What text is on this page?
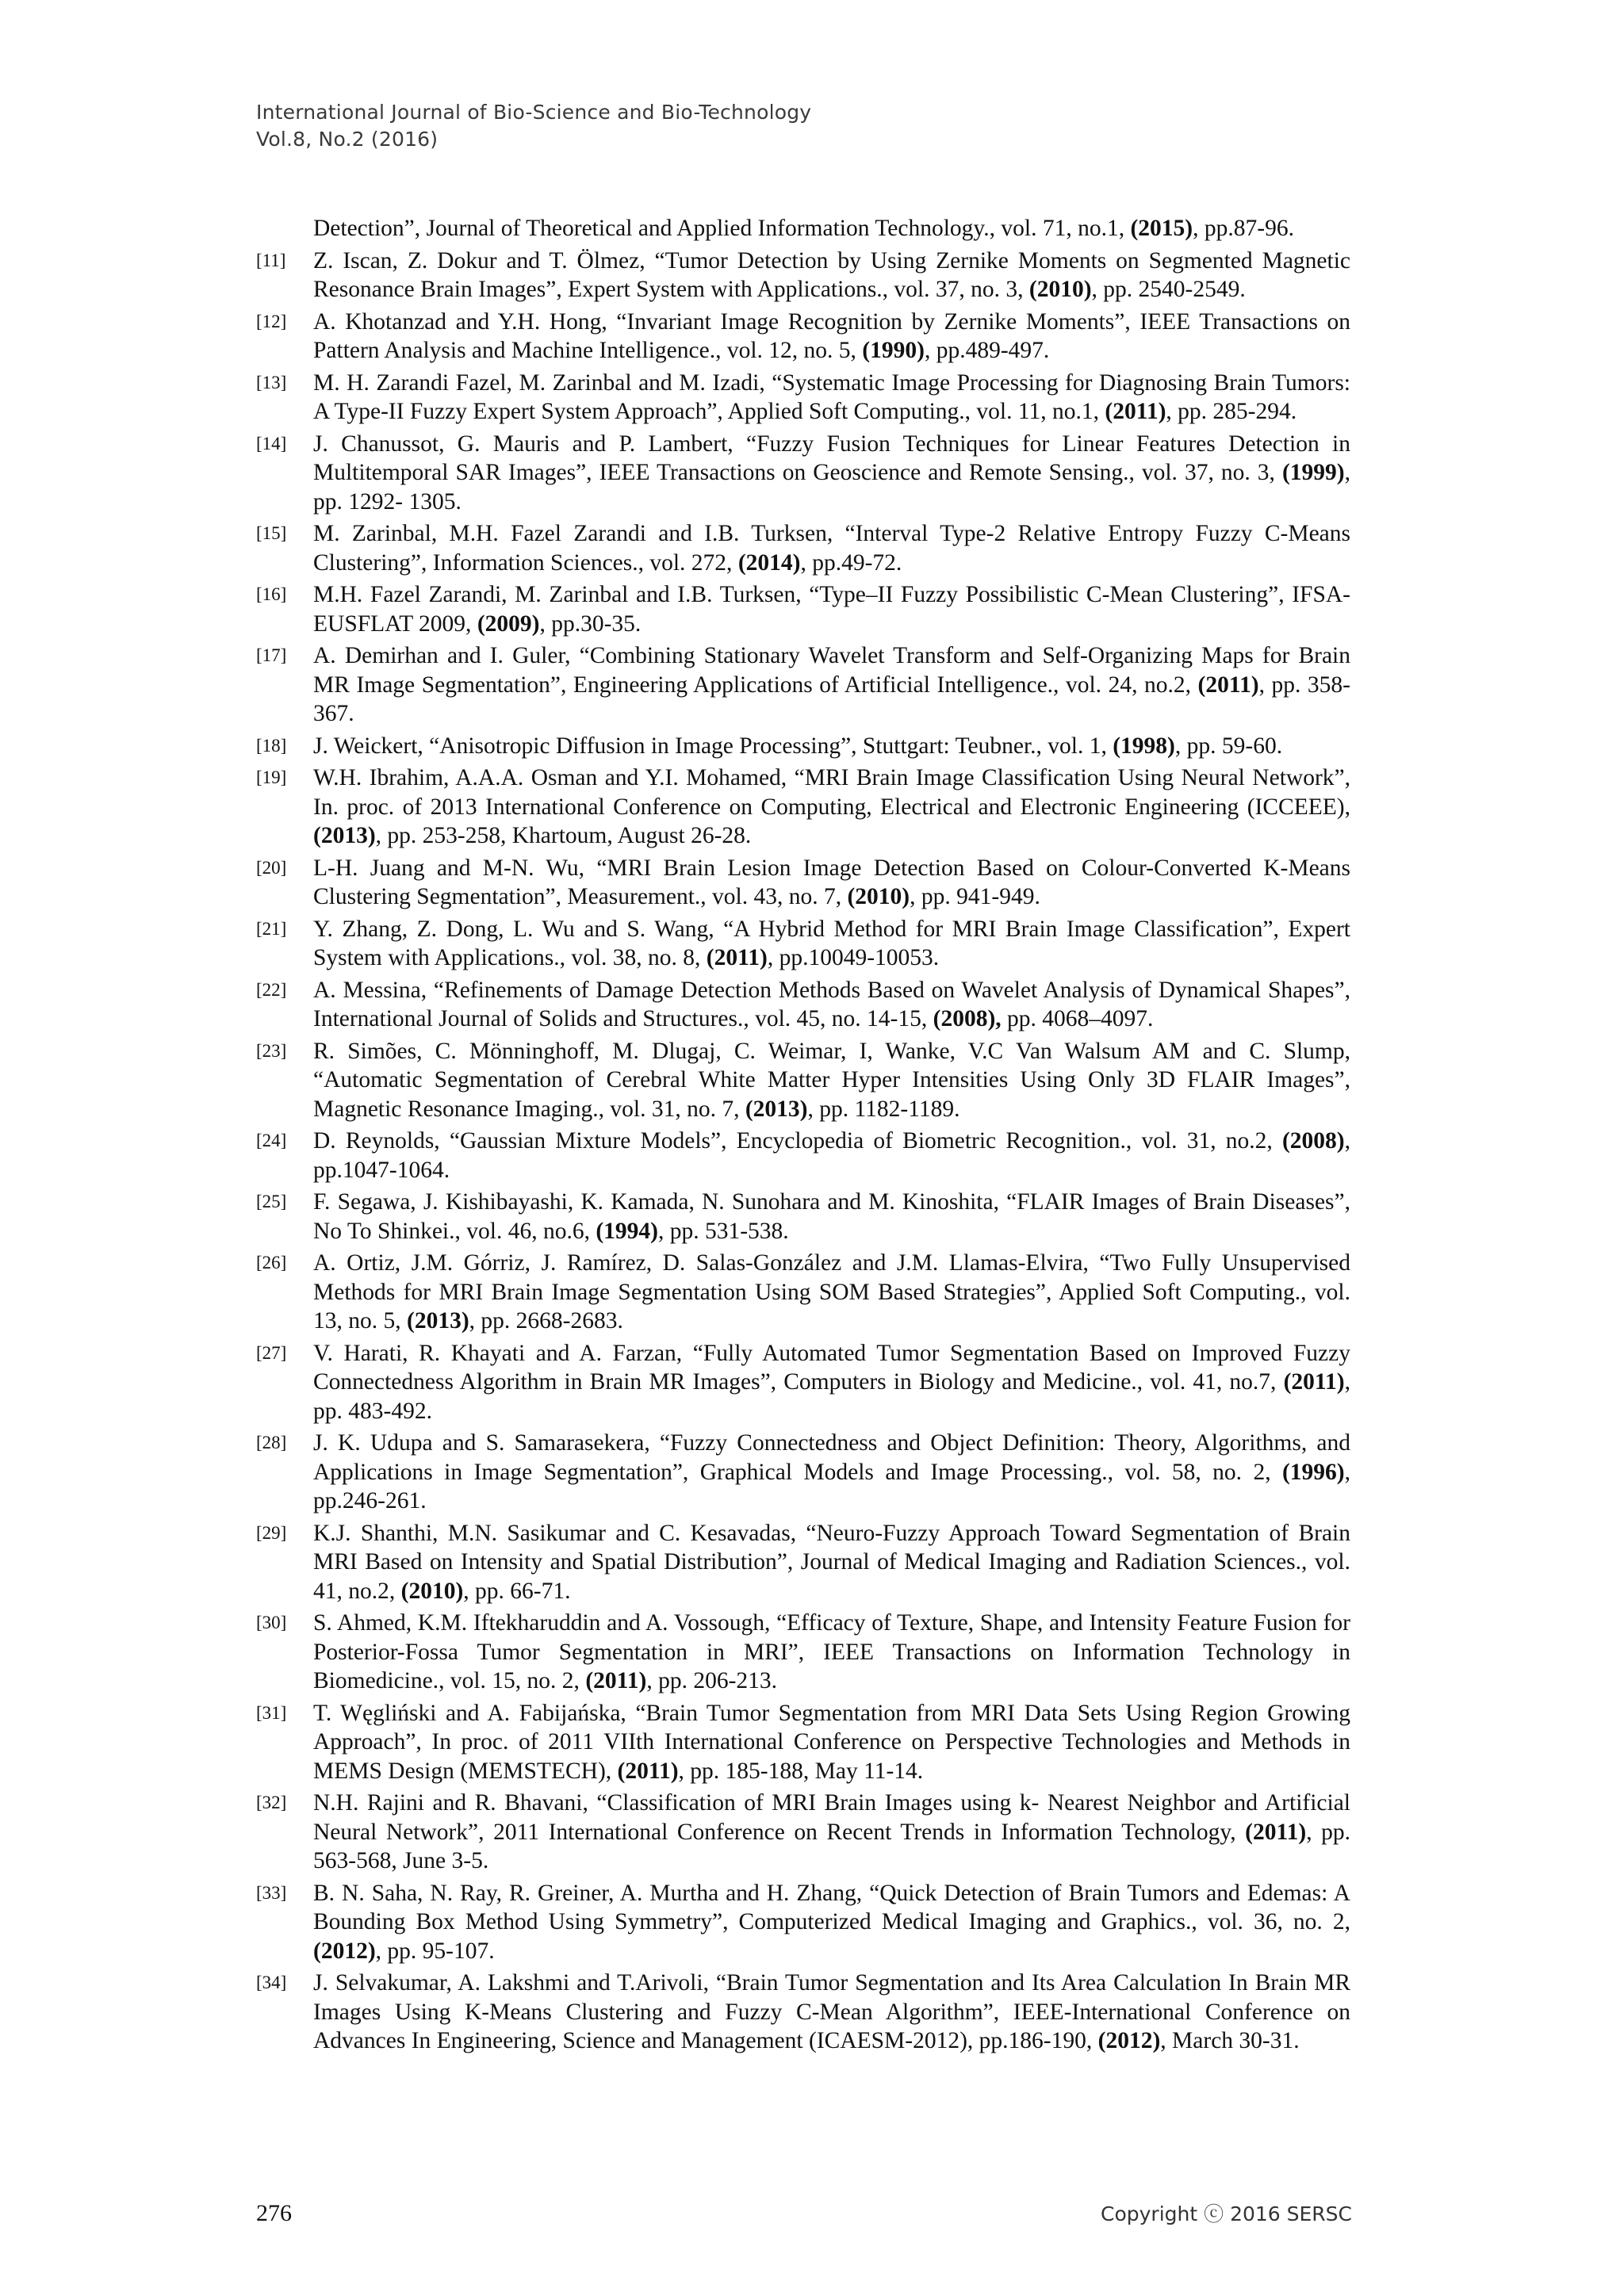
International Journal of Bio-Science and Bio-Technology
Vol.8, No.2 (2016)
Detection”, Journal of Theoretical and Applied Information Technology., vol. 71, no.1, (2015), pp.87-96.
[11]	Z. Iscan, Z. Dokur and T. Ölmez, “Tumor Detection by Using Zernike Moments on Segmented Magnetic Resonance Brain Images”, Expert System with Applications., vol. 37, no. 3, (2010), pp. 2540-2549.
[12]	A. Khotanzad and Y.H. Hong, “Invariant Image Recognition by Zernike Moments”, IEEE Transactions on Pattern Analysis and Machine Intelligence., vol. 12, no. 5, (1990), pp.489-497.
[13]	M. H. Zarandi Fazel, M. Zarinbal and M. Izadi, “Systematic Image Processing for Diagnosing Brain Tumors: A Type-II Fuzzy Expert System Approach”, Applied Soft Computing., vol. 11, no.1, (2011), pp. 285-294.
[14]	J. Chanussot, G. Mauris and P. Lambert, “Fuzzy Fusion Techniques for Linear Features Detection in Multitemporal SAR Images”, IEEE Transactions on Geoscience and Remote Sensing., vol. 37, no. 3, (1999), pp. 1292- 1305.
[15]	M. Zarinbal, M.H. Fazel Zarandi and I.B. Turksen, “Interval Type-2 Relative Entropy Fuzzy C-Means Clustering”, Information Sciences., vol. 272, (2014), pp.49-72.
[16]	M.H. Fazel Zarandi, M. Zarinbal and I.B. Turksen, “Type–II Fuzzy Possibilistic C-Mean Clustering”, IFSA-EUSFLAT 2009, (2009), pp.30-35.
[17]	A. Demirhan and I. Guler, “Combining Stationary Wavelet Transform and Self-Organizing Maps for Brain MR Image Segmentation”, Engineering Applications of Artificial Intelligence., vol. 24, no.2, (2011), pp. 358-367.
[18]	J. Weickert, “Anisotropic Diffusion in Image Processing”, Stuttgart: Teubner., vol. 1, (1998), pp. 59-60.
[19]	W.H. Ibrahim, A.A.A. Osman and Y.I. Mohamed, “MRI Brain Image Classification Using Neural Network”, In. proc. of 2013 International Conference on Computing, Electrical and Electronic Engineering (ICCEEE), (2013), pp. 253-258, Khartoum, August 26-28.
[20]	L-H. Juang and M-N. Wu, “MRI Brain Lesion Image Detection Based on Colour-Converted K-Means Clustering Segmentation”, Measurement., vol. 43, no. 7, (2010), pp. 941-949.
[21]	Y. Zhang, Z. Dong, L. Wu and S. Wang, “A Hybrid Method for MRI Brain Image Classification”, Expert System with Applications., vol. 38, no. 8, (2011), pp.10049-10053.
[22]	A. Messina, “Refinements of Damage Detection Methods Based on Wavelet Analysis of Dynamical Shapes”, International Journal of Solids and Structures., vol. 45, no. 14-15, (2008), pp. 4068–4097.
[23]	R. Simões, C. Mönninghoff, M. Dlugaj, C. Weimar, I, Wanke, V.C Van Walsum AM and C. Slump, “Automatic Segmentation of Cerebral White Matter Hyper Intensities Using Only 3D FLAIR Images”, Magnetic Resonance Imaging., vol. 31, no. 7, (2013), pp. 1182-1189.
[24]	D. Reynolds, “Gaussian Mixture Models”, Encyclopedia of Biometric Recognition., vol. 31, no.2, (2008), pp.1047-1064.
[25]	F. Segawa, J. Kishibayashi, K. Kamada, N. Sunohara and M. Kinoshita, “FLAIR Images of Brain Diseases”, No To Shinkei., vol. 46, no.6, (1994), pp. 531-538.
[26]	A. Ortiz, J.M. Górriz, J. Ramírez, D. Salas-González and J.M. Llamas-Elvira, “Two Fully Unsupervised Methods for MRI Brain Image Segmentation Using SOM Based Strategies”, Applied Soft Computing., vol. 13, no. 5, (2013), pp. 2668-2683.
[27]	V. Harati, R. Khayati and A. Farzan, “Fully Automated Tumor Segmentation Based on Improved Fuzzy Connectedness Algorithm in Brain MR Images”, Computers in Biology and Medicine., vol. 41, no.7, (2011), pp. 483-492.
[28]	J. K. Udupa and S. Samarasekera, “Fuzzy Connectedness and Object Definition: Theory, Algorithms, and Applications in Image Segmentation”, Graphical Models and Image Processing., vol. 58, no. 2, (1996), pp.246-261.
[29]	K.J. Shanthi, M.N. Sasikumar and C. Kesavadas, “Neuro-Fuzzy Approach Toward Segmentation of Brain MRI Based on Intensity and Spatial Distribution”, Journal of Medical Imaging and Radiation Sciences., vol. 41, no.2, (2010), pp. 66-71.
[30]	S. Ahmed, K.M. Iftekharuddin and A. Vossough, “Efficacy of Texture, Shape, and Intensity Feature Fusion for Posterior-Fossa Tumor Segmentation in MRI”, IEEE Transactions on Information Technology in Biomedicine., vol. 15, no. 2, (2011), pp. 206-213.
[31]	T. Węgliński and A. Fabijańska, “Brain Tumor Segmentation from MRI Data Sets Using Region Growing Approach”, In proc. of 2011 VIIth International Conference on Perspective Technologies and Methods in MEMS Design (MEMSTECH), (2011), pp. 185-188, May 11-14.
[32]	N.H. Rajini and R. Bhavani, “Classification of MRI Brain Images using k- Nearest Neighbor and Artificial Neural Network”, 2011 International Conference on Recent Trends in Information Technology, (2011), pp. 563-568, June 3-5.
[33]	B. N. Saha, N. Ray, R. Greiner, A. Murtha and H. Zhang, “Quick Detection of Brain Tumors and Edemas: A Bounding Box Method Using Symmetry”, Computerized Medical Imaging and Graphics., vol. 36, no. 2, (2012), pp. 95-107.
[34]	J. Selvakumar, A. Lakshmi and T.Arivoli, “Brain Tumor Segmentation and Its Area Calculation In Brain MR Images Using K-Means Clustering and Fuzzy C-Mean Algorithm”, IEEE-International Conference on Advances In Engineering, Science and Management (ICAESM-2012), pp.186-190, (2012), March 30-31.
276	Copyright ⓒ 2016 SERSC
